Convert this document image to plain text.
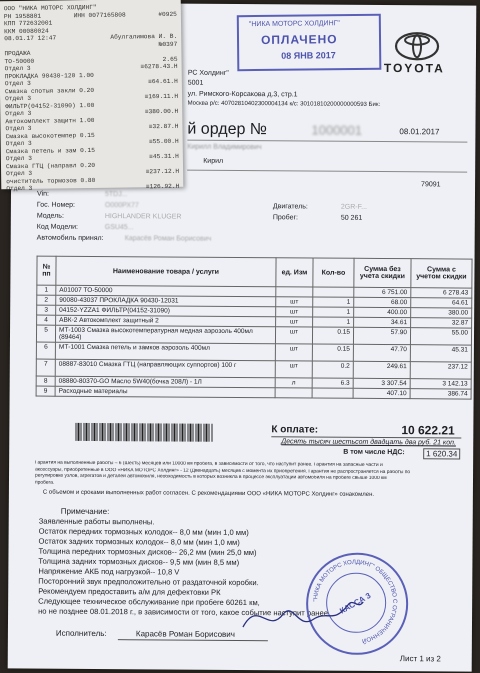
"НИКА МОТОРС ХОЛДИНГ"
ОПЛАЧЕНО
08 ЯНВ 2017
TOYOTA
РС Холдинг"
5001
ул. Римского-Корсакова д.3, стр.1
Москва р/с: 40702810402300004134 к/с: 30101810200000000593 Бик:
й ордер №	1000001	08.01.2017
Кирилл Владимирович
Кирил
79091
Vin:	5TDJ...
Гос. Номер:	О000РХ77
Модель:	HIGHLANDER KLUGER
Код Модели:	GSU45...
Автомобиль принял:	Карасёв Роман Борисович
Двигатель:	2GR-F...
Пробег:	50 261
№ пп	Наименование товара / услуги	ед. Изм	Кол-во	Сумма без учета скидки	Сумма с учетом скидки
1	A01007 ТО-50000			6 751.00	6 278.43
2	90080-43037 ПРОКЛАДКА 90430-12031	шт	1	68.00	64.61
3	04152-YZZA1 ФИЛЬТР(04152-31090)	шт	1	400.00	380.00
4	АВК-2 Автокомплект защитный 2	шт	1	34.61	32.87
5	МТ-1003 Смазка высокотемпературная медная аэрозоль 400мл (89464)	шт	0.15	57.90	55.00
6	МТ-1001 Смазка петель и замков аэрозоль 400мл	шт	0.15	47.70	45.31
7	08887-83010 Смазка ГТЦ (направляющих суппортов) 100 г	шт	0.2	249.61	237.12
8	08880-80370-GO Масло 5W40(бочка 208Л) - 1Л	л	6.3	3 307.54	3 142.13
9	Расходные материалы			407.10	386.74
К оплате:	10 622.21
Десять тысяч шестьсот двадцать два руб. 21 коп.
В том числе НДС:	1 620.34
Гарантия на выполненные работы – 6 (Шесть) месяцев или 10000 км пробега, в зависимости от того, что наступит ранее. Гарантия на запасные части и
аксессуары, приобретенные в ООО «НИКА МОТОРС Холдинг» - 12 (Двенадцать) месяцев с момента их приобретения. Гарантия не распространяется на работы по
регулировке узлов, агрегатов и деталей автомобиля, необходимость в которых возникла в процессе эксплуатации автомобиля на пробеге свыше 1000 км
пробега.
С объемом и сроками выполненных работ согласен. С рекомендациями ООО «НИКА МОТОРС Холдинг» ознакомлен.
Примечание:
Заявленные работы выполнены.
Остаток передних тормозных колодок-- 8,0 мм (мин 1,0 мм)
Остаток задних тормозных колодок-- 8,0 мм (мин 1,0 мм)
Толщина передних тормозных дисков-- 26,2 мм (мин 25,0 мм)
Толщина задних тормозных дисков-- 9,5 мм (мин 8,5 мм)
Напряжение АКБ под нагрузкой-- 10,8 V
Посторонний звук предположительно от раздаточной коробки.
Рекомендуем предоставить а/м для дефектовки РК
Следующее техническое обслуживание при пробеге 60261 км,
но не позднее 08.01.2018 г., в зависимости от того, какое событие наступит ранее.
"НИКА МОТОРС ХОЛДИНГ" ОБЩЕСТВО С ОГРАНИЧЕННОЙ
КАССА 3
Исполнитель:	Карасёв Роман Борисович
Лист 1 из 2
ООО "НИКА МОТОРС ХОЛДИНГ"
РН 1958801	ИНН 0077165808	#0925
КПП 772632001
ККМ 00080024
08.01.17 12:47	Абулгалимова И. В.
№0397
ПРОДАЖА
ТО-50000	2.65
Отдел 3	≡6278.43.Н
ПРОКЛАДКА 90430-120 1.00
Отдел 3	≡64.61.Н
Смазка спотыя закли 0.20
Отдел 3	≡169.11.Н
ФИЛЬТР(04152-31090) 1.00
Отдел 3	≡380.00.Н
Автокомплект защитн 1.00
Отдел 3	≡32.87.Н
Смазка высокотемпер 0.15
Отдел 3	≡55.00.Н
Смазка петель и зам 0.15
Отдел 3	≡45.31.Н
Смазка ГТЦ (направл 0.20
Отдел 3	≡237.12.Н
очиститель тормозов 0.80
Отдел 3	≡126.92.Н
